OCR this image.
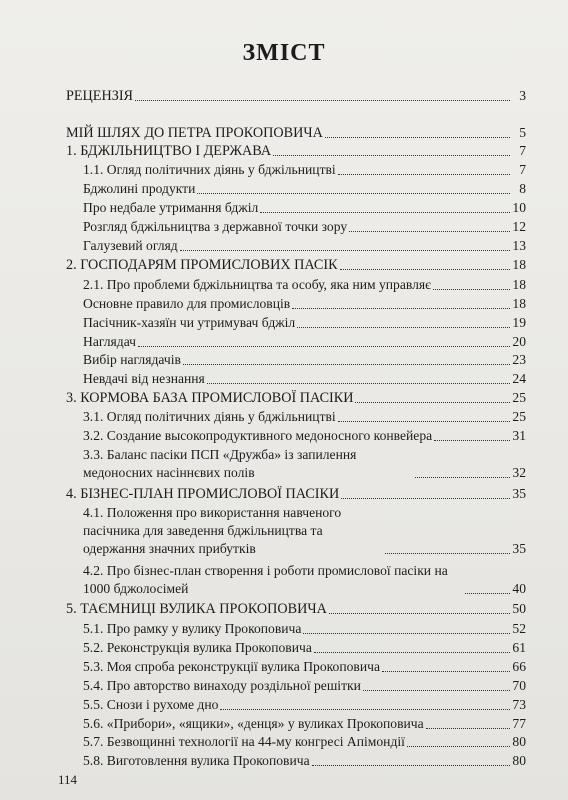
ЗМІСТ
РЕЦЕНЗІЯ	3
МІЙ ШЛЯХ ДО ПЕТРА ПРОКОПОВИЧА	5
1. БДЖІЛЬНИЦТВО І ДЕРЖАВА	7
1.1. Огляд політичних діянь у бджільництві	7
Бджолині продукти	8
Про недбале утримання бджіл	10
Розгляд бджільництва з державної точки зору	12
Галузевий огляд	13
2. ГОСПОДАРЯМ ПРОМИСЛОВИХ ПАСІК	18
2.1. Про проблеми бджільництва та особу, яка ним управляє	18
Основне правило для промисловців	18
Пасічник-хазяїн чи утримувач бджіл	19
Наглядач	20
Вибір наглядачів	23
Невдачі від незнання	24
3. КОРМОВА БАЗА ПРОМИСЛОВОЇ ПАСІКИ	25
3.1. Огляд політичних діянь у бджільництві	25
3.2. Создание высокопродуктивного медоносного конвейера	31
3.3. Баланс пасіки ПСП «Дружба» із запилення медоносних насіннєвих полів	32
4. БІЗНЕС-ПЛАН ПРОМИСЛОВОЇ ПАСІКИ	35
4.1. Положення про використання навченого пасічника для заведення бджільництва та одержання значних прибутків	35
4.2. Про бізнес-план створення і роботи промислової пасіки на 1000 бджолосімей	40
5. ТАЄМНИЦІ ВУЛИКА ПРОКОПОВИЧА	50
5.1. Про рамку у вулику Прокоповича	52
5.2. Реконструкція вулика Прокоповича	61
5.3. Моя спроба реконструкції вулика Прокоповича	66
5.4. Про авторство винаходу роздільної решітки	70
5.5. Снози і рухоме дно	73
5.6. «Прибори», «ящики», «денця» у вуликах Прокоповича	77
5.7. Безвощинні технології на 44-му конгресі Апімондії	80
5.8. Виготовлення вулика Прокоповича	80
114
